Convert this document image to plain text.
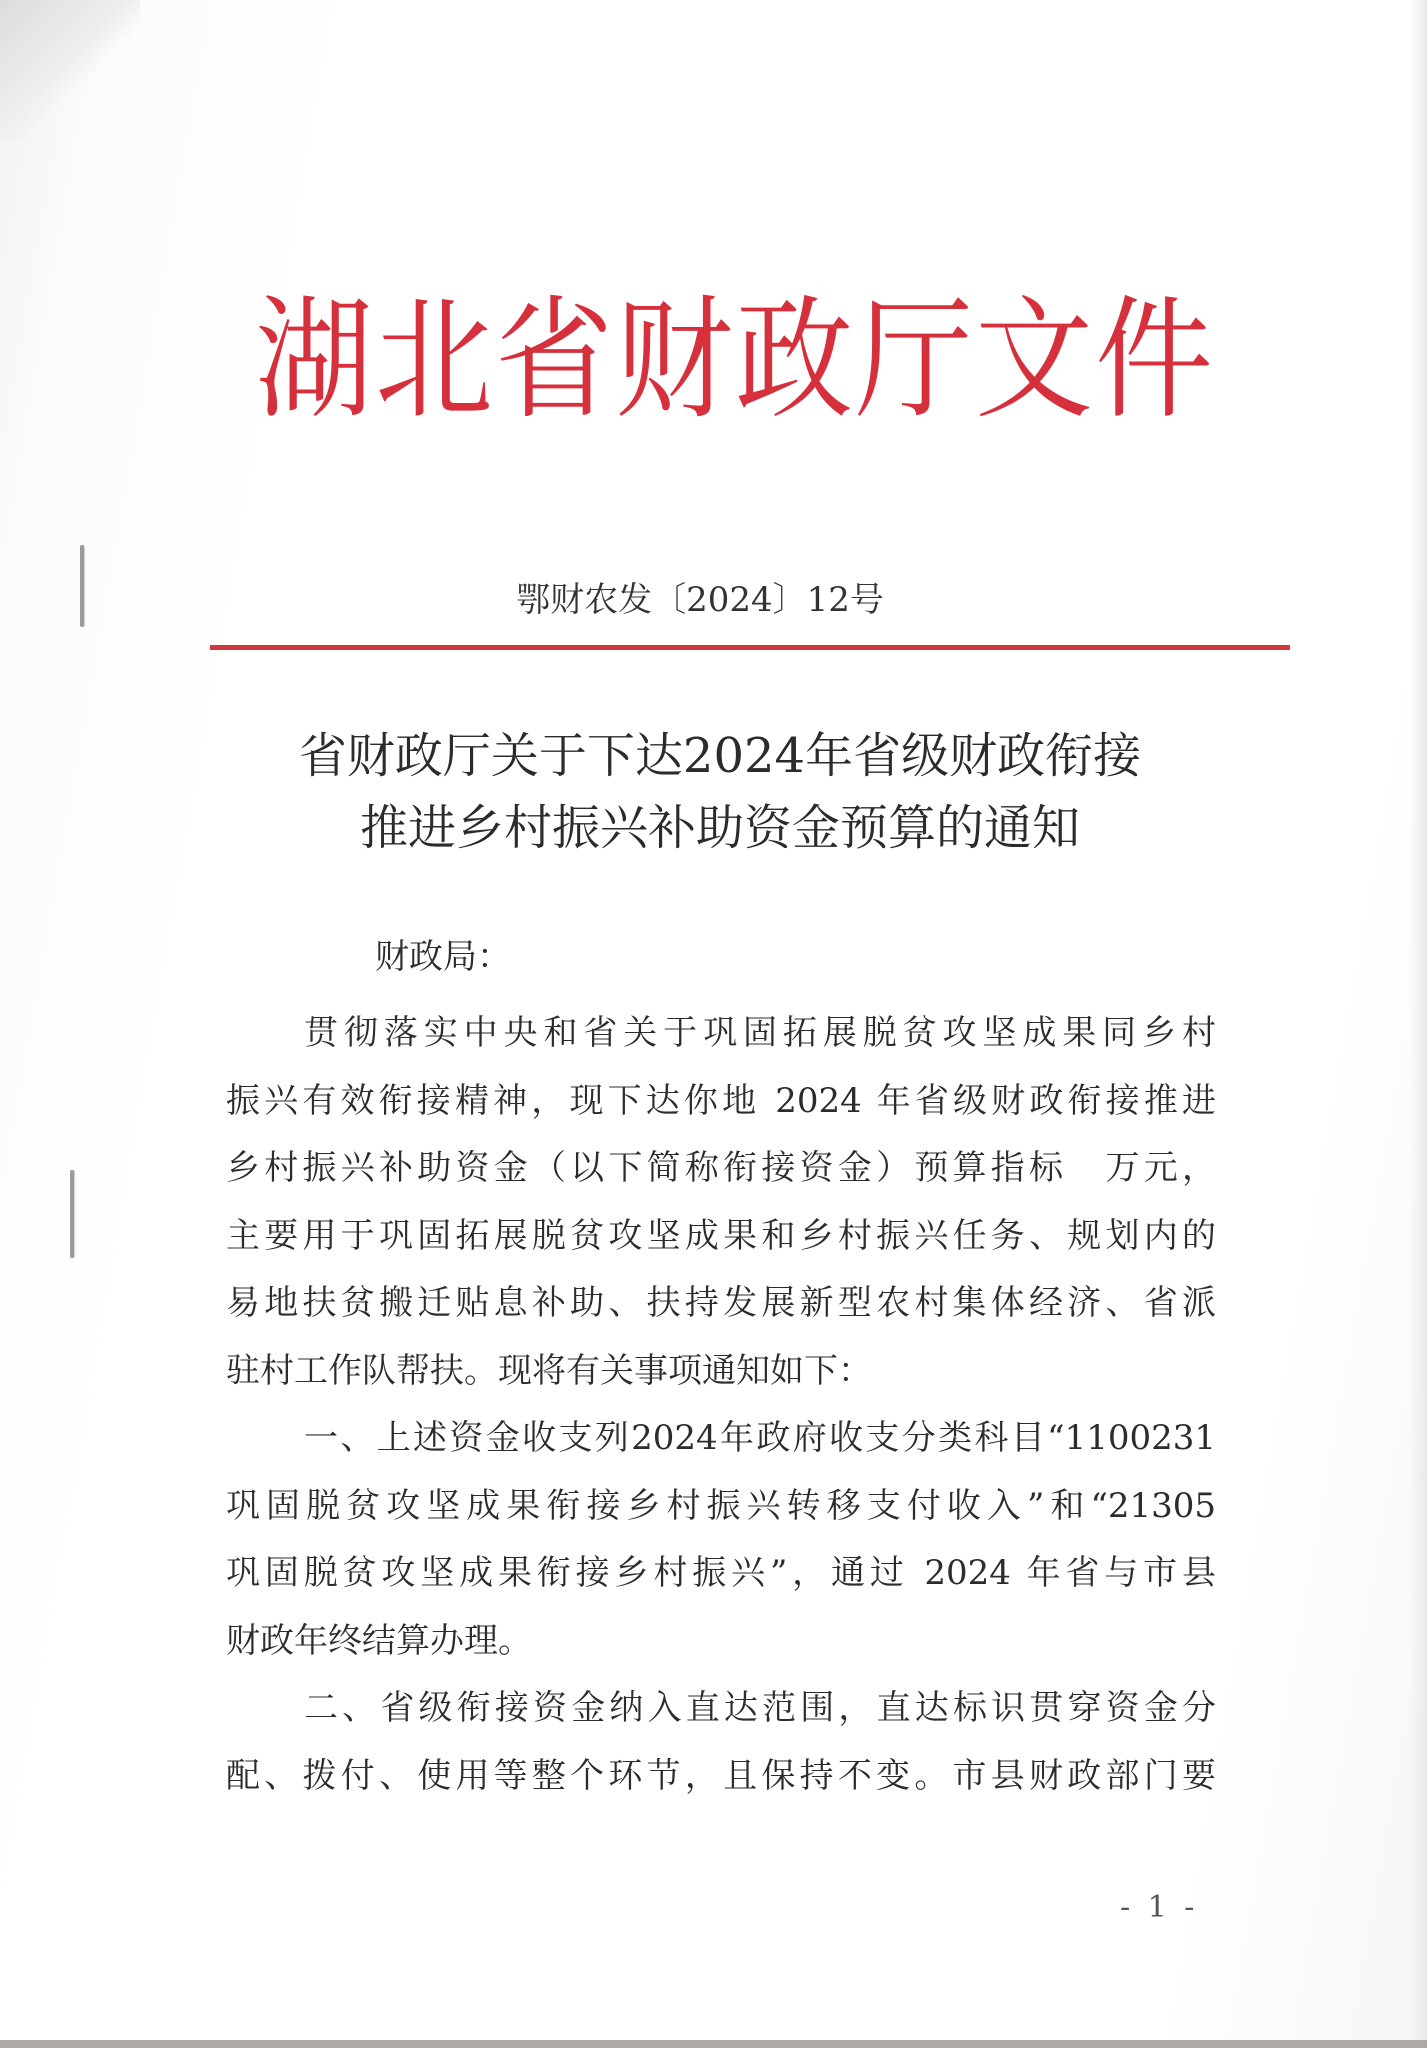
湖北省财政厅文件
鄂财农发〔2024〕12号
省财政厅关于下达2024年省级财政衔接
推进乡村振兴补助资金预算的通知
财政局：
贯彻落实中央和省关于巩固拓展脱贫攻坚成果同乡村
振兴有效衔接精神，现下达你地 2024 年省级财政衔接推进
乡村振兴补助资金（以下简称衔接资金）预算指标　万元，
主要用于巩固拓展脱贫攻坚成果和乡村振兴任务、规划内的
易地扶贫搬迁贴息补助、扶持发展新型农村集体经济、省派
驻村工作队帮扶。现将有关事项通知如下：
一、上述资金收支列2024年政府收支分类科目“1100231
巩固脱贫攻坚成果衔接乡村振兴转移支付收入”和“21305
巩固脱贫攻坚成果衔接乡村振兴”，通过 2024 年省与市县
财政年终结算办理。
二、省级衔接资金纳入直达范围，直达标识贯穿资金分
配、拨付、使用等整个环节，且保持不变。市县财政部门要
- 1 -
